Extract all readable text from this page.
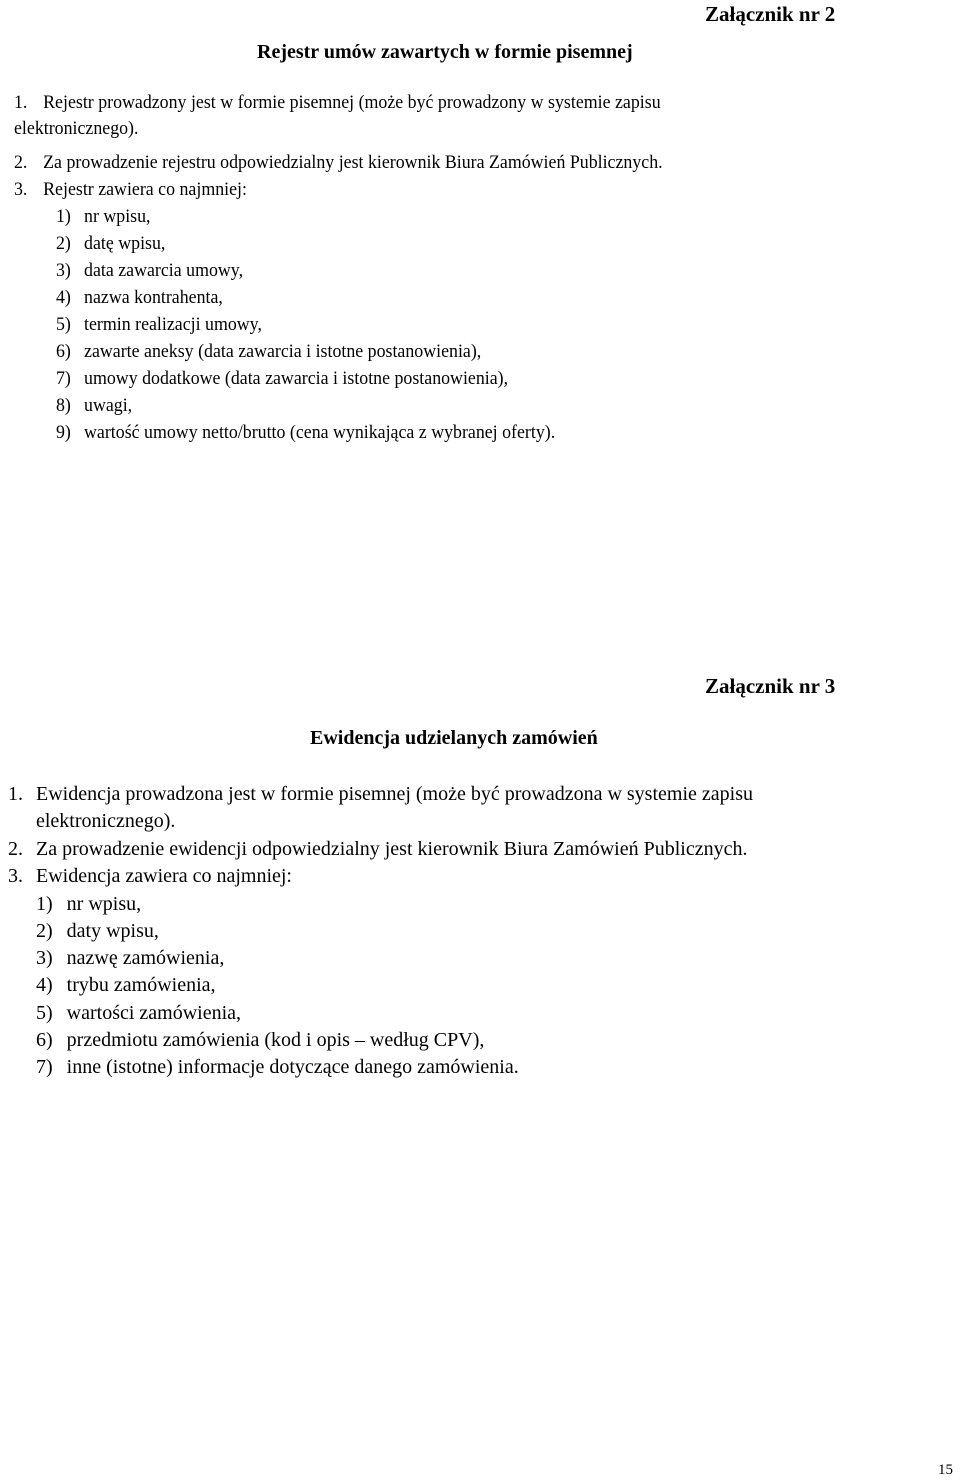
Załącznik nr 2
Rejestr umów zawartych w formie pisemnej
1. Rejestr prowadzony jest w formie pisemnej (może być prowadzony w systemie zapisu
elektronicznego).
2. Za prowadzenie rejestru odpowiedzialny jest kierownik Biura Zamówień Publicznych.
3. Rejestr zawiera co najmniej:
1) nr wpisu,
2) datę wpisu,
3) data zawarcia umowy,
4) nazwa kontrahenta,
5) termin realizacji umowy,
6) zawarte aneksy (data zawarcia i istotne postanowienia),
7) umowy dodatkowe (data zawarcia i istotne postanowienia),
8) uwagi,
9) wartość umowy netto/brutto (cena wynikająca z wybranej oferty).
Załącznik nr 3
Ewidencja udzielanych zamówień
1. Ewidencja prowadzona jest w formie pisemnej (może być prowadzona w systemie zapisu
elektronicznego).
2. Za prowadzenie ewidencji odpowiedzialny jest kierownik Biura Zamówień Publicznych.
3. Ewidencja zawiera co najmniej:
1) nr wpisu,
2) daty wpisu,
3) nazwę zamówienia,
4) trybu zamówienia,
5) wartości zamówienia,
6) przedmiotu zamówienia (kod i opis – według CPV),
7) inne (istotne) informacje dotyczące danego zamówienia.
15
